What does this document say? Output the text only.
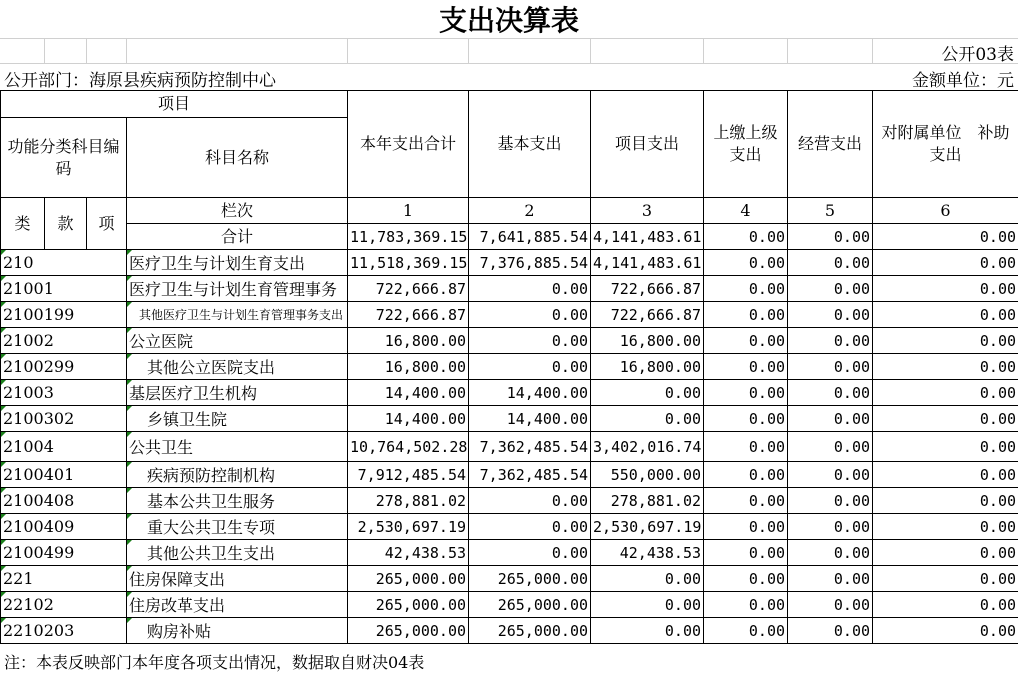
支出决算表
公开03表
公开部门：海原县疾病预防控制中心	金额单位：元
项目				本年支出合计	基本支出	项目支出	上缴上级支出	经营支出	对附属单位　补助支出
功能分类科目编码			科目名称						
类	款	项	栏次	1	2	3	4	5	6
			合计	11,783,369.15	7,641,885.54	4,141,483.61	0.00	0.00	0.00
210			医疗卫生与计划生育支出	11,518,369.15	7,376,885.54	4,141,483.61	0.00	0.00	0.00
21001			医疗卫生与计划生育管理事务	722,666.87	0.00	722,666.87	0.00	0.00	0.00
2100199			其他医疗卫生与计划生育管理事务支出	722,666.87	0.00	722,666.87	0.00	0.00	0.00
21002			公立医院	16,800.00	0.00	16,800.00	0.00	0.00	0.00
2100299			其他公立医院支出	16,800.00	0.00	16,800.00	0.00	0.00	0.00
21003			基层医疗卫生机构	14,400.00	14,400.00	0.00	0.00	0.00	0.00
2100302			乡镇卫生院	14,400.00	14,400.00	0.00	0.00	0.00	0.00
21004			公共卫生	10,764,502.28	7,362,485.54	3,402,016.74	0.00	0.00	0.00
2100401			疾病预防控制机构	7,912,485.54	7,362,485.54	550,000.00	0.00	0.00	0.00
2100408			基本公共卫生服务	278,881.02	0.00	278,881.02	0.00	0.00	0.00
2100409			重大公共卫生专项	2,530,697.19	0.00	2,530,697.19	0.00	0.00	0.00
2100499			其他公共卫生支出	42,438.53	0.00	42,438.53	0.00	0.00	0.00
221			住房保障支出	265,000.00	265,000.00	0.00	0.00	0.00	0.00
22102			住房改革支出	265,000.00	265,000.00	0.00	0.00	0.00	0.00
2210203			购房补贴	265,000.00	265,000.00	0.00	0.00	0.00	0.00
注：本表反映部门本年度各项支出情况，数据取自财决04表
